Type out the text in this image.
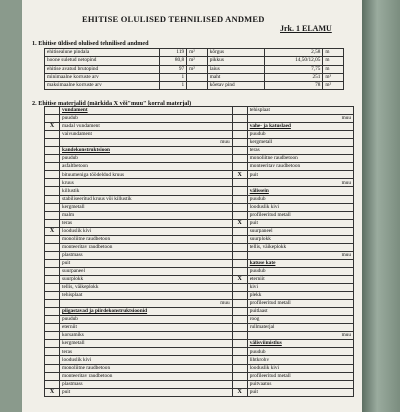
EHITISE OLULISED TEHNILISED ANDMED
Jrk. 1 ELAMU
1. Ehitise üldised olulised tehnilised andmed
ehitisealune pindala	119	m²	kõrgus	2,58	m
hoone suletud netopind	80,8	m²	pikkus	14,50/12,05	m
ehitise avatud brutopind	97	m²	laius	7,75	m
minimaalne korruste arv	1		maht	251	m³
maksimaalne korruste arv	1		kõetav pind	78	m²
2. Ehitise materjalid (märkida X või"muu" korral materjal)
	vundament		tehisplaat
	puudub		muu
X	madal vundament		vahe- ja katuslaed
	vaivundament		puudub
	muu		kergmetall
	kandekonstruktsioon		teras
	puudub		monoliitne raudbetoon
	asfaltbetoon		monteeritav raudbetoon
	bituumeniga töödeldud kruus	X	puit
	kruus		muu
	killustik		välissein
	stabiliseeritud kruus või killustik		puudub
	kergmetall		looduslik kivi
	malm		profileeritud metall
	teras	X	puit
X	looduslik kivi		suurpaneel
	monoliitne raudbetoon		suurplokk
	monteeritav raudbetoon		tellis, väikeplokk
	plastmass		muu
	puit		katuse kate
	suurpaneel		puudub
	suurplokk	X	eterniit
	tellis, väikeplokk		kivi
	tehisplaat		plekk
	muu		profileeritud metall
	piigastavad ja piirdekonstruktsioonid		puitlaast
	puudub		roog
	eterniit		rullmaterjal
	korsamiks		muu
	kergmetall		välisviimistlus
	teras		puudub
	looduslik kivi		lihtkrohv
	monoliitne raudbetoon		looduslik kivi
	monteeritav raudbetoon		profileeritud metall
	plastmass		puitvaatus
X	puit	X	puit
